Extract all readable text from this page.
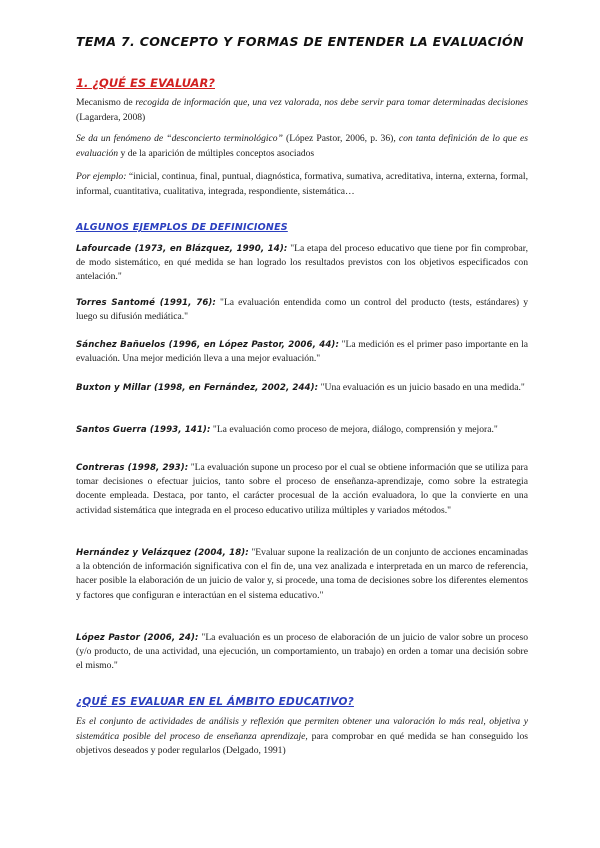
TEMA 7. CONCEPTO Y FORMAS DE ENTENDER LA EVALUACIÓN
1. ¿QUÉ ES EVALUAR?
Mecanismo de recogida de información que, una vez valorada, nos debe servir para tomar determinadas decisiones (Lagardera, 2008)
Se da un fenómeno de “desconcierto terminológico” (López Pastor, 2006, p. 36), con tanta definición de lo que es evaluación y de la aparición de múltiples conceptos asociados
Por ejemplo: “inicial, continua, final, puntual, diagnóstica, formativa, sumativa, acreditativa, interna, externa, formal, informal, cuantitativa, cualitativa, integrada, respondiente, sistemática…
ALGUNOS EJEMPLOS DE DEFINICIONES
Lafourcade (1973, en Blázquez, 1990, 14): "La etapa del proceso educativo que tiene por fin comprobar, de modo sistemático, en qué medida se han logrado los resultados previstos con los objetivos especificados con antelación."
Torres Santomé (1991, 76): "La evaluación entendida como un control del producto (tests, estándares) y luego su difusión mediática."
Sánchez Bañuelos (1996, en López Pastor, 2006, 44): "La medición es el primer paso importante en la evaluación. Una mejor medición lleva a una mejor evaluación."
Buxton y Millar (1998, en Fernández, 2002, 244): "Una evaluación es un juicio basado en una medida."
Santos Guerra (1993, 141): "La evaluación como proceso de mejora, diálogo, comprensión y mejora."
Contreras (1998, 293): "La evaluación supone un proceso por el cual se obtiene información que se utiliza para tomar decisiones o efectuar juicios, tanto sobre el proceso de enseñanza-aprendizaje, como sobre la estrategia docente empleada. Destaca, por tanto, el carácter procesual de la acción evaluadora, lo que la convierte en una actividad sistemática que integrada en el proceso educativo utiliza múltiples y variados métodos."
Hernández y Velázquez (2004, 18): "Evaluar supone la realización de un conjunto de acciones encaminadas a la obtención de información significativa con el fin de, una vez analizada e interpretada en un marco de referencia, hacer posible la elaboración de un juicio de valor y, si procede, una toma de decisiones sobre los diferentes elementos y factores que configuran e interactúan en el sistema educativo."
López Pastor (2006, 24): "La evaluación es un proceso de elaboración de un juicio de valor sobre un proceso (y/o producto, de una actividad, una ejecución, un comportamiento, un trabajo) en orden a tomar una decisión sobre el mismo."
¿QUÉ ES EVALUAR EN EL ÁMBITO EDUCATIVO?
Es el conjunto de actividades de análisis y reflexión que permiten obtener una valoración lo más real, objetiva y sistemática posible del proceso de enseñanza aprendizaje, para comprobar en qué medida se han conseguido los objetivos deseados y poder regularlos (Delgado, 1991)
